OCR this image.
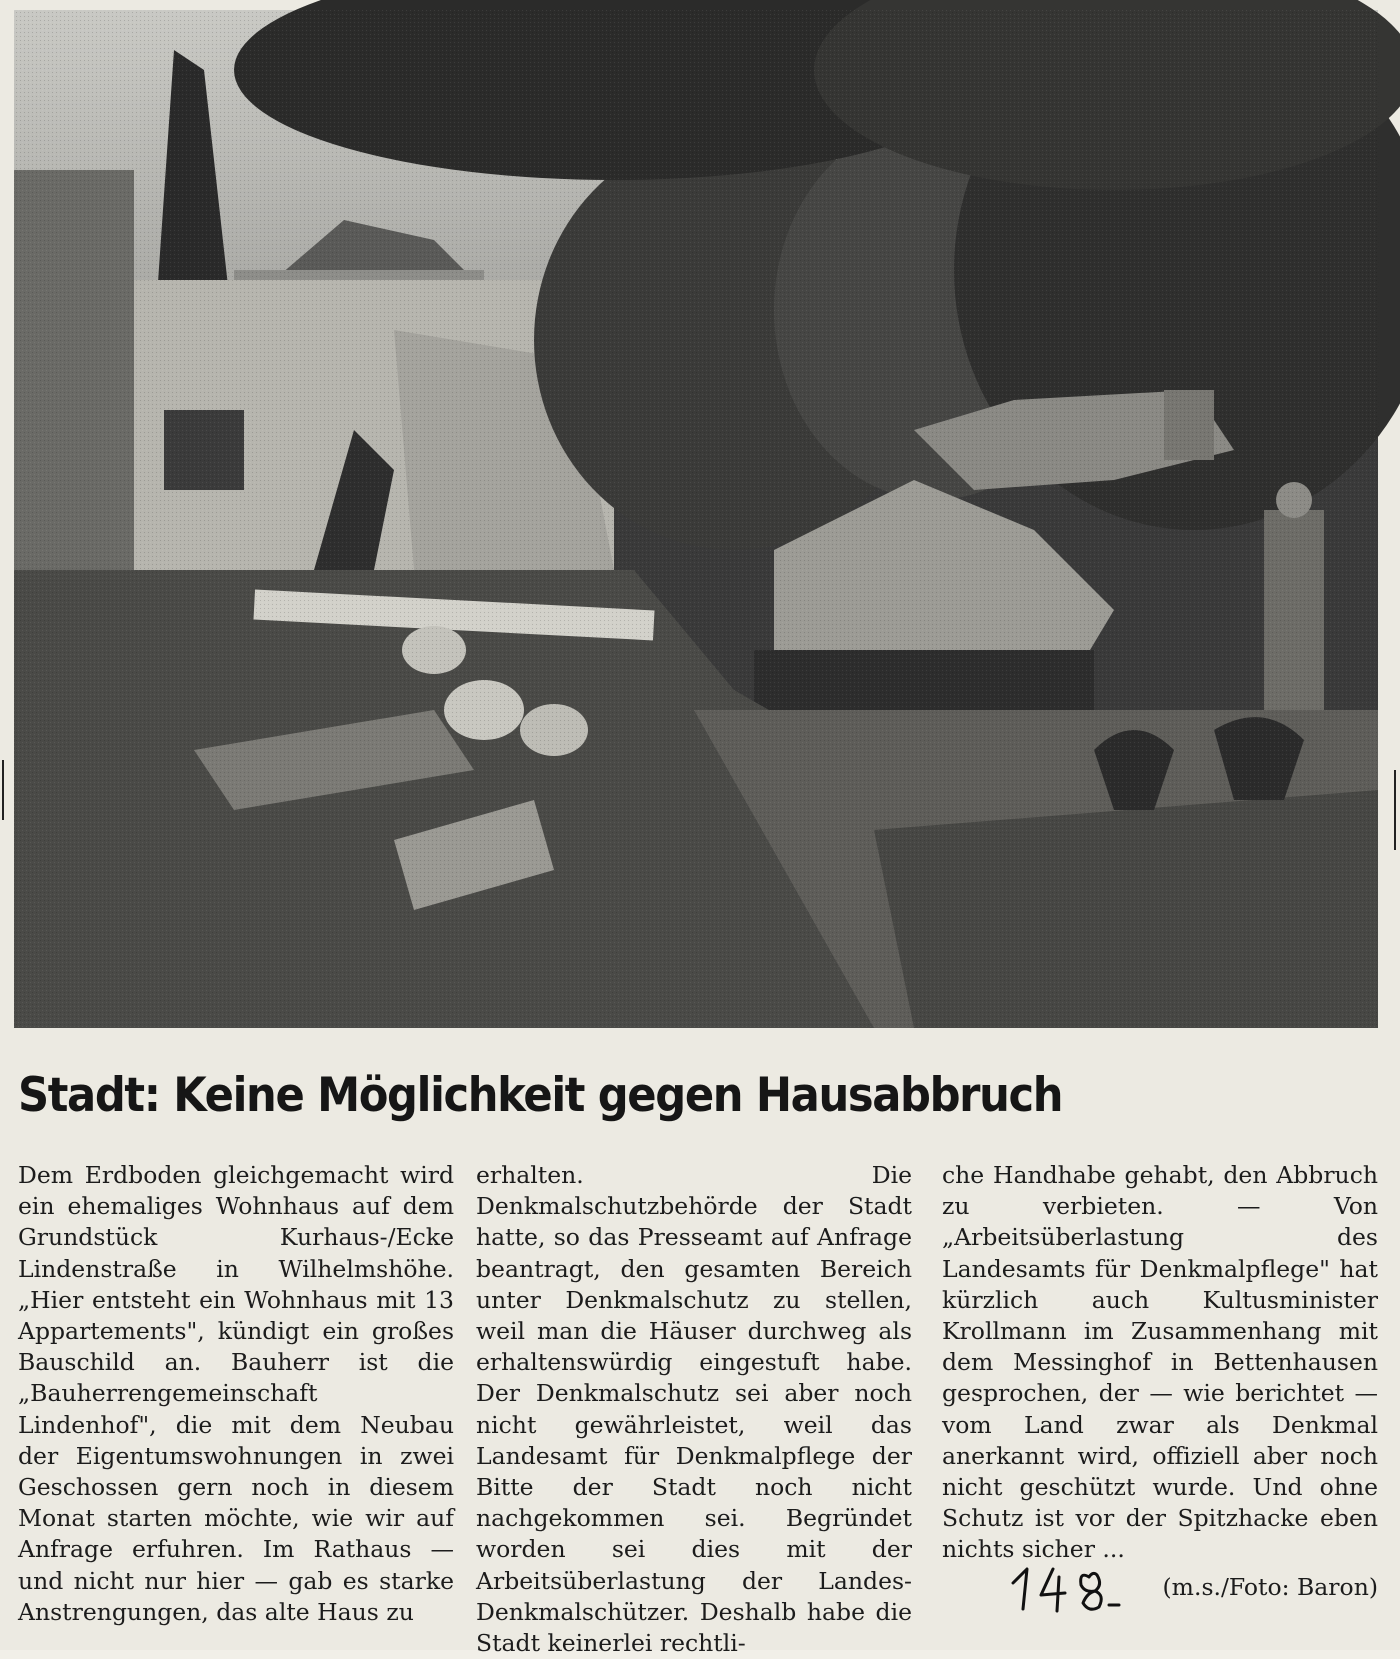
Stadt: Keine Möglichkeit gegen Hausabbruch
Dem Erdboden gleichgemacht wird ein ehemaliges Wohnhaus auf dem Grundstück Kurhaus-/Ecke Lindenstraße in Wilhelmshöhe. „Hier entsteht ein Wohnhaus mit 13 Appartements", kündigt ein großes Bauschild an. Bauherr ist die „Bauherrengemeinschaft Lindenhof", die mit dem Neubau der Eigentumswohnungen in zwei Geschossen gern noch in diesem Monat starten möchte, wie wir auf Anfrage erfuhren. Im Rathaus — und nicht nur hier — gab es starke Anstrengungen, das alte Haus zu
erhalten. Die Denkmalschutzbehörde der Stadt hatte, so das Presseamt auf Anfrage beantragt, den gesamten Bereich unter Denkmalschutz zu stellen, weil man die Häuser durchweg als erhaltenswürdig eingestuft habe. Der Denkmalschutz sei aber noch nicht gewährleistet, weil das Landesamt für Denkmalpflege der Bitte der Stadt noch nicht nachgekommen sei. Begründet worden sei dies mit der Arbeitsüberlastung der Landes-Denkmalschützer. Deshalb habe die Stadt keinerlei rechtli-
che Handhabe gehabt, den Abbruch zu verbieten. — Von „Arbeitsüberlastung des Landesamts für Denkmalpflege" hat kürzlich auch Kultusminister Krollmann im Zusammenhang mit dem Messinghof in Bettenhausen gesprochen, der — wie berichtet — vom Land zwar als Denkmal anerkannt wird, offiziell aber noch nicht geschützt wurde. Und ohne Schutz ist vor der Spitzhacke eben nichts sicher ...
(m.s./Foto: Baron)
